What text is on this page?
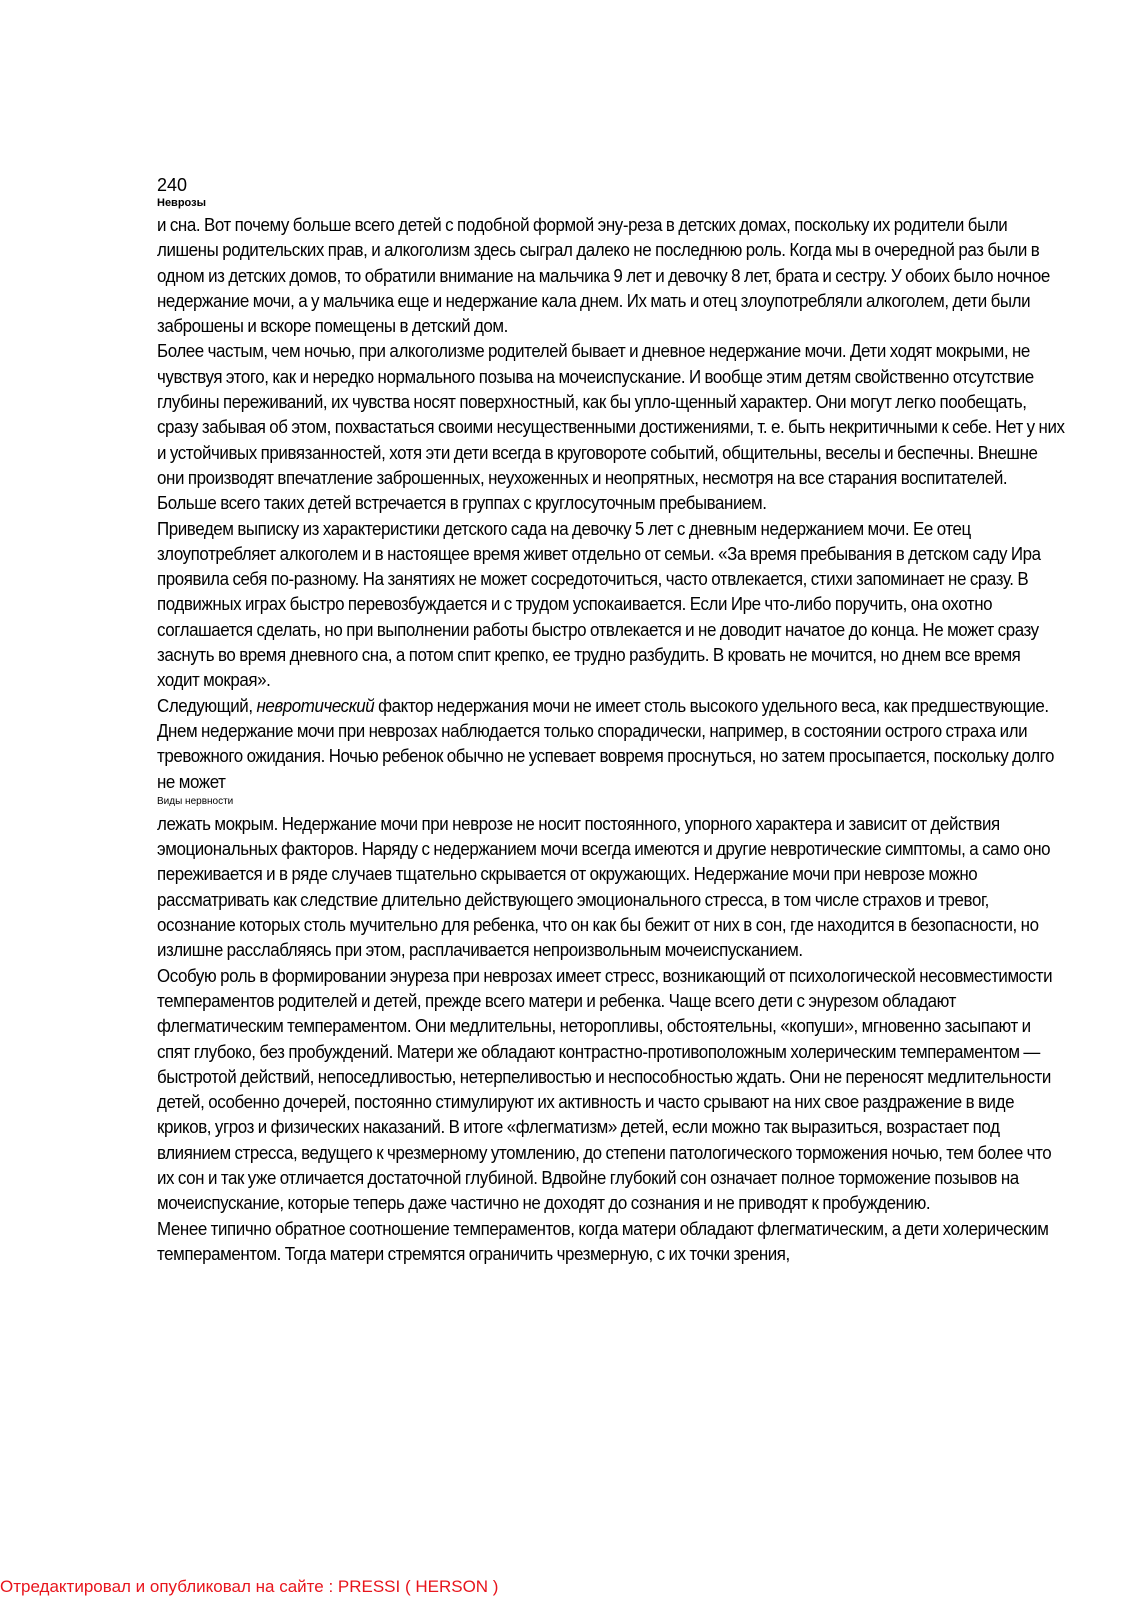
240

Неврозы

и сна. Вот почему больше всего детей с подобной формой эну-реза в детских домах, поскольку их родители были лишены родительских прав, и алкоголизм здесь сыграл далеко не последнюю роль. Когда мы в очередной раз были в одном из детских домов, то обратили внимание на мальчика 9 лет и девочку 8 лет, брата и сестру. У обоих было ночное недержание мочи, а у мальчика еще и недержание кала днем. Их мать и отец злоупотребляли алкоголем, дети были заброшены и вскоре помещены в детский дом.

Более частым, чем ночью, при алкоголизме родителей бывает и дневное недержание мочи. Дети ходят мокрыми, не чувствуя этого, как и нередко нормального позыва на мочеиспускание. И вообще этим детям свойственно отсутствие глубины переживаний, их чувства носят поверхностный, как бы упло-щенный характер. Они могут легко пообещать, сразу забывая об этом, похвастаться своими несущественными достижениями, т. е. быть некритичными к себе. Нет у них и устойчивых привязанностей, хотя эти дети всегда в круговороте событий, общительны, веселы и беспечны. Внешне они производят впечатление заброшенных, неухоженных и неопрятных, несмотря на все старания воспитателей. Больше всего таких детей встречается в группах с круглосуточным пребыванием.

Приведем выписку из характеристики детского сада на девочку 5 лет с дневным недержанием мочи. Ее отец злоупотребляет алкоголем и в настоящее время живет отдельно от семьи. «За время пребывания в детском саду Ира проявила себя по-разному. На занятиях не может сосредоточиться, часто отвлекается, стихи запоминает не сразу. В подвижных играх быстро перевозбуждается и с трудом успокаивается. Если Ире что-либо поручить, она охотно соглашается сделать, но при выполнении работы быстро отвлекается и не доводит начатое до конца. Не может сразу заснуть во время дневного сна, а потом спит крепко, ее трудно разбудить. В кровать не мочится, но днем все время ходит мокрая».

Следующий, невротический фактор недержания мочи не имеет столь высокого удельного веса, как предшествующие. Днем недержание мочи при неврозах наблюдается только спорадически, например, в состоянии острого страха или тревожного ожидания. Ночью ребенок обычно не успевает вовремя проснуться, но затем просыпается, поскольку долго не может

Виды нервности

лежать мокрым. Недержание мочи при неврозе не носит постоянного, упорного характера и зависит от действия эмоциональных факторов. Наряду с недержанием мочи всегда имеются и другие невротические симптомы, а само оно переживается и в ряде случаев тщательно скрывается от окружающих. Недержание мочи при неврозе можно рассматривать как следствие длительно действующего эмоционального стресса, в том числе страхов и тревог, осознание которых столь мучительно для ребенка, что он как бы бежит от них в сон, где находится в безопасности, но излишне расслабляясь при этом, расплачивается непроизвольным мочеиспусканием.

Особую роль в формировании энуреза при неврозах имеет стресс, возникающий от психологической несовместимости темпераментов родителей и детей, прежде всего матери и ребенка. Чаще всего дети с энурезом обладают флегматическим темпераментом. Они медлительны, неторопливы, обстоятельны, «копуши», мгновенно засыпают и спят глубоко, без пробуждений. Матери же обладают контрастно-противоположным холерическим темпераментом — быстротой действий, непоседливостью, нетерпеливостью и неспособностью ждать. Они не переносят медлительности детей, особенно дочерей, постоянно стимулируют их активность и часто срывают на них свое раздражение в виде криков, угроз и физических наказаний. В итоге «флегматизм» детей, если можно так выразиться, возрастает под влиянием стресса, ведущего к чрезмерному утомлению, до степени патологического торможения ночью, тем более что их сон и так уже отличается достаточной глубиной. Вдвойне глубокий сон означает полное торможение позывов на мочеиспускание, которые теперь даже частично не доходят до сознания и не приводят к пробуждению.

Менее типично обратное соотношение темпераментов, когда матери обладают флегматическим, а дети холерическим темпераментом. Тогда матери стремятся ограничить чрезмерную, с их точки зрения,

Отредактировал и опубликовал на сайте : PRESSI ( HERSON )
